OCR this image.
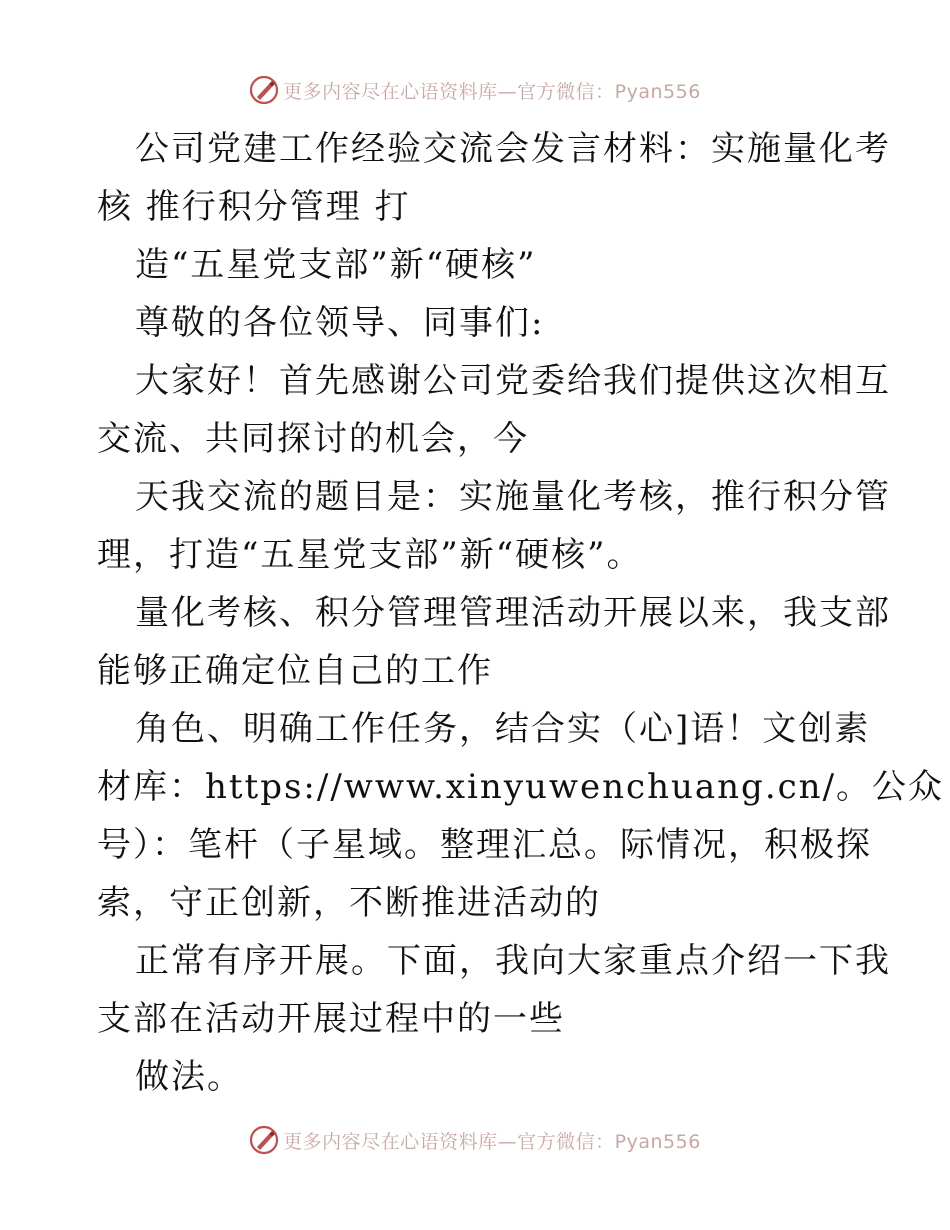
更多内容尽在心语资料库—官方微信：Pyan556
公司党建工作经验交流会发言材料：实施量化考
核 推行积分管理 打
造“五星党支部”新“硬核”
尊敬的各位领导、同事们:
大家好！首先感谢公司党委给我们提供这次相互
交流、共同探讨的机会，今
天我交流的题目是：实施量化考核，推行积分管
理，打造“五星党支部”新“硬核”。
量化考核、积分管理管理活动开展以来，我支部
能够正确定位自己的工作
角色、明确工作任务，结合实（心]语！文创素
材库：https://www.xinyuwenchuang.cn/。公众
号）：笔杆（子星域。整理汇总。际情况，积极探
索，守正创新，不断推进活动的
正常有序开展。下面，我向大家重点介绍一下我
支部在活动开展过程中的一些
做法。
更多内容尽在心语资料库—官方微信：Pyan556
